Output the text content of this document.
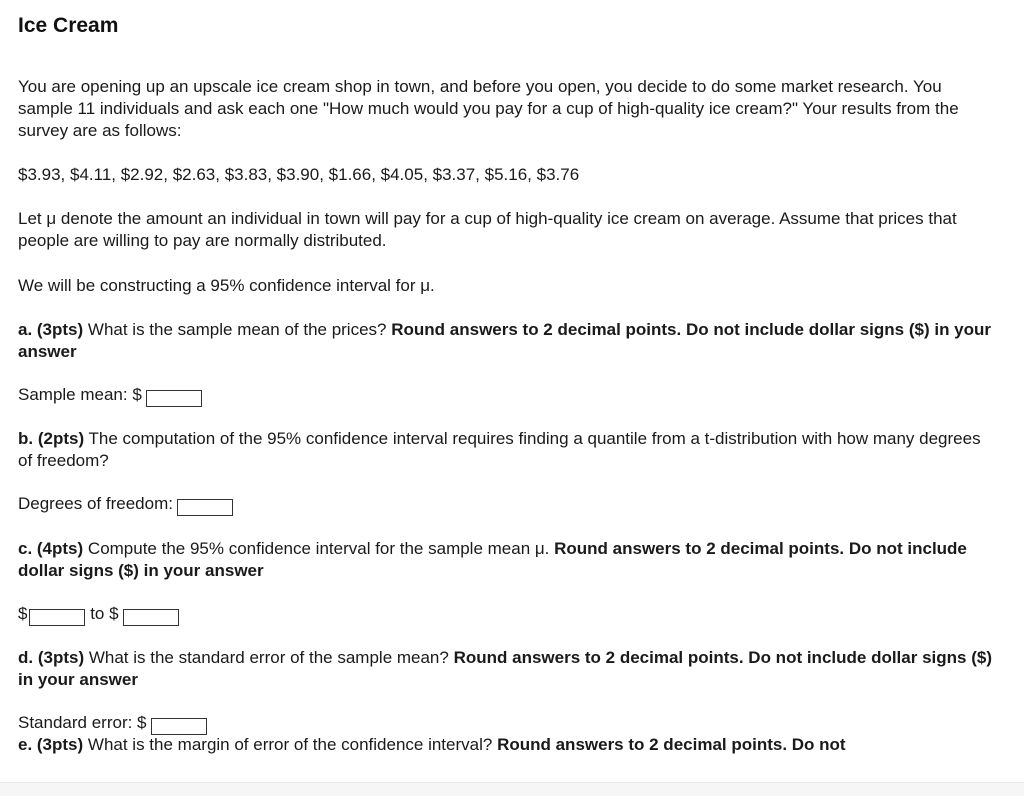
Ice Cream

You are opening up an upscale ice cream shop in town, and before you open, you decide to do some market research. You sample 11 individuals and ask each one "How much would you pay for a cup of high-quality ice cream?" Your results from the survey are as follows:

$3.93, $4.11, $2.92, $2.63, $3.83, $3.90, $1.66, $4.05, $3.37, $5.16, $3.76

Let μ denote the amount an individual in town will pay for a cup of high-quality ice cream on average. Assume that prices that people are willing to pay are normally distributed.

We will be constructing a 95% confidence interval for μ.

a. (3pts) What is the sample mean of the prices? Round answers to 2 decimal points. Do not include dollar signs ($) in your answer

Sample mean: $

b. (2pts) The computation of the 95% confidence interval requires finding a quantile from a t-distribution with how many degrees of freedom?

Degrees of freedom:

c. (4pts) Compute the 95% confidence interval for the sample mean μ. Round answers to 2 decimal points. Do not include dollar signs ($) in your answer

$	to $

d. (3pts) What is the standard error of the sample mean? Round answers to 2 decimal points. Do not include dollar signs ($) in your answer

Standard error: $

e. (3pts) What is the margin of error of the confidence interval? Round answers to 2 decimal points. Do not
